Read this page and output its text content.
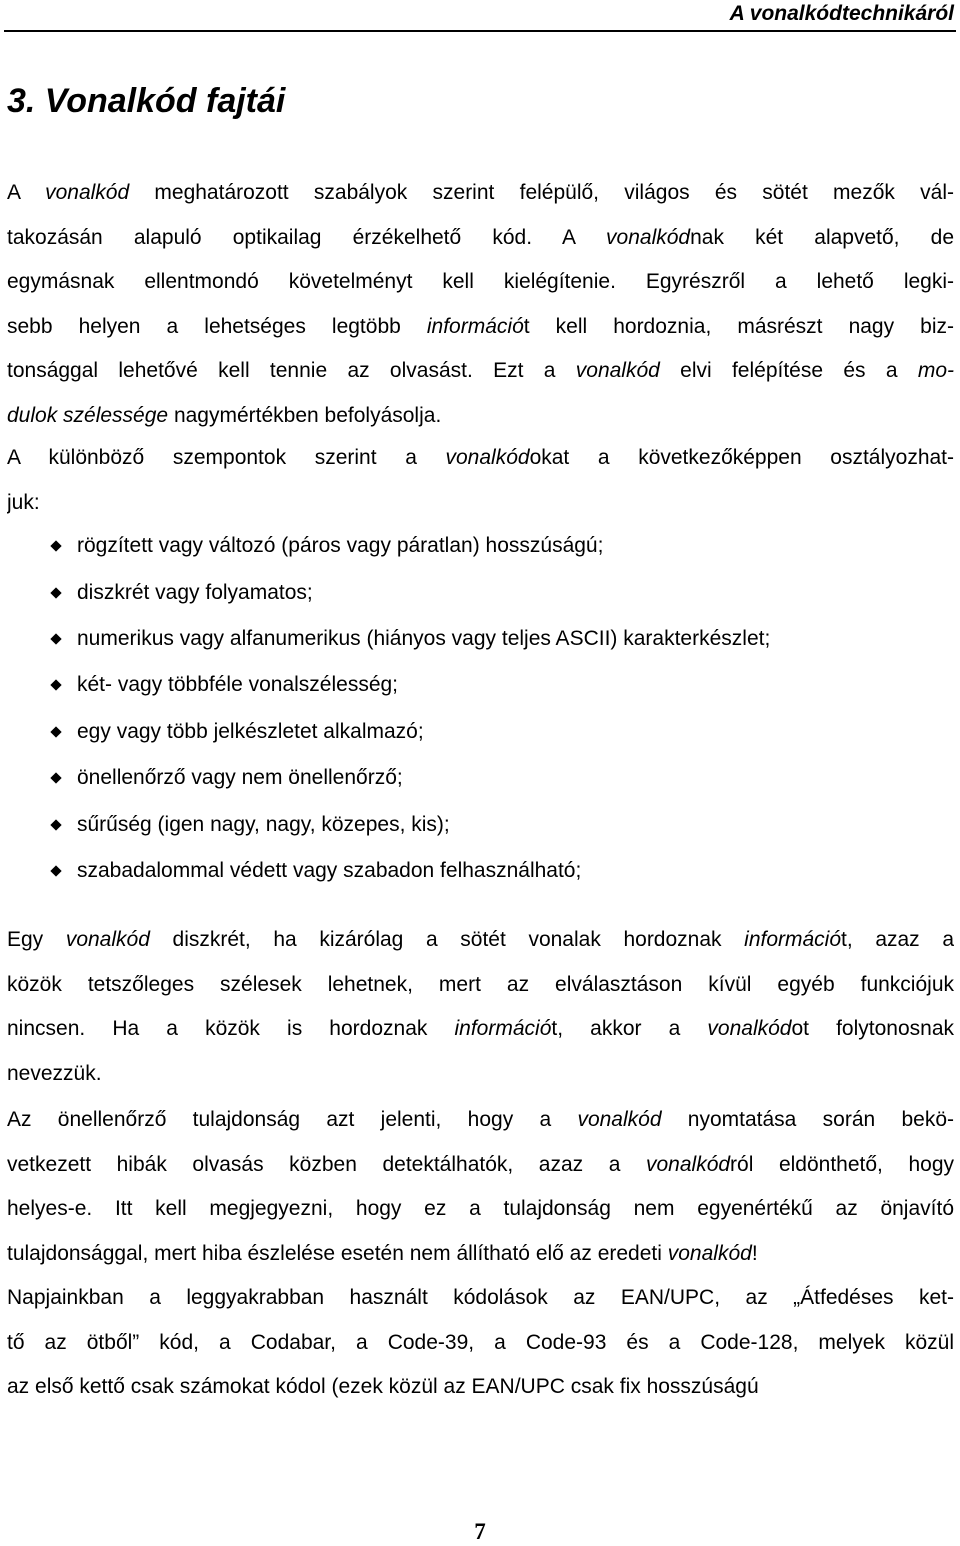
A vonalkódtechnikáról
3. Vonalkód fajtái

A vonalkód meghatározott szabályok szerint felépülő, világos és sötét mezők vál-
takozásán alapuló optikailag érzékelhető kód. A vonalkódnak két alapvető, de
egymásnak ellentmondó követelményt kell kielégítenie. Egyrészről a lehető legki-
sebb helyen a lehetséges legtöbb információt kell hordoznia, másrészt nagy biz-
tonsággal lehetővé kell tennie az olvasást. Ezt a vonalkód elvi felépítése és a mo-
dulok szélessége nagymértékben befolyásolja.

A különböző szempontok szerint a vonalkódokat a következőképpen osztályozhat-
juk:

rögzített vagy változó (páros vagy páratlan) hosszúságú;
diszkrét vagy folyamatos;
numerikus vagy alfanumerikus (hiányos vagy teljes ASCII) karakterkészlet;
két- vagy többféle vonalszélesség;
egy vagy több jelkészletet alkalmazó;
önellenőrző vagy nem önellenőrző;
sűrűség (igen nagy, nagy, közepes, kis);
szabadalommal védett vagy szabadon felhasználható;

Egy vonalkód diszkrét, ha kizárólag a sötét vonalak hordoznak információt, azaz a
közök tetszőleges szélesek lehetnek, mert az elválasztáson kívül egyéb funkciójuk
nincsen. Ha a közök is hordoznak információt, akkor a vonalkódot folytonosnak
nevezzük.

Az önellenőrző tulajdonság azt jelenti, hogy a vonalkód nyomtatása során bekö-
vetkezett hibák olvasás közben detektálhatók, azaz a vonalkódról eldönthető, hogy
helyes-e. Itt kell megjegyezni, hogy ez a tulajdonság nem egyenértékű az önjavító
tulajdonsággal, mert hiba észlelése esetén nem állítható elő az eredeti vonalkód!

Napjainkban a leggyakrabban használt kódolások az EAN/UPC, az „Átfedéses ket-
tő az ötből” kód, a Codabar, a Code-39, a Code-93 és a Code-128, melyek közül
az első kettő csak számokat kódol (ezek közül az EAN/UPC csak fix hosszúságú

7
